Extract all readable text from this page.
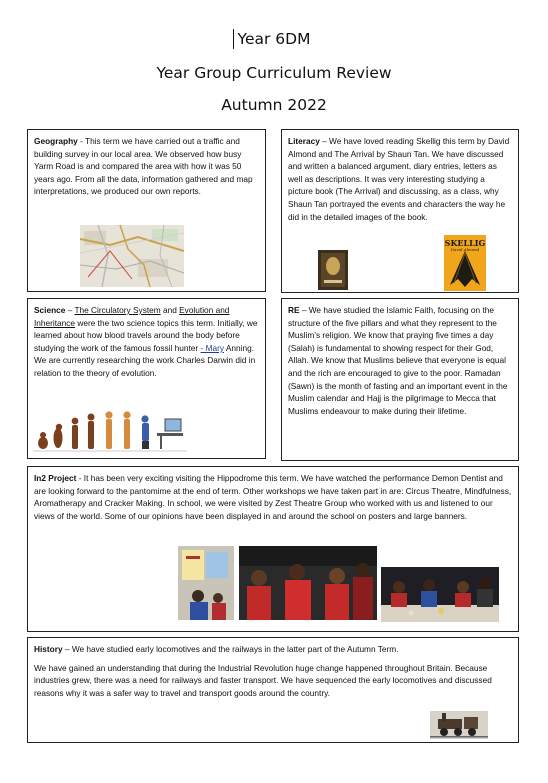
Year 6DM
Year Group Curriculum Review
Autumn 2022

Geography - This term we have carried out a traffic and building survey in our local area. We observed how busy Yarm Road is and compared the area with how it was 50 years ago. From all the data, information gathered and map interpretations, we produced our own reports.

Literacy – We have loved reading Skellig this term by David Almond and The Arrival by Shaun Tan. We have discussed and written a balanced argument, diary entries, letters as well as descriptions. It was very interesting studying a picture book (The Arrival) and discussing, as a class, why Shaun Tan portrayed the events and characters the way he did in the detailed images of the book.

SKELLIG
David Almond

Science – The Circulatory System and Evolution and Inheritance were the two science topics this term. Initially, we learned about how blood travels around the body before studying the work of the famous fossil hunter - Mary Anning. We are currently researching the work Charles Darwin did in relation to the theory of evolution.

RE – We have studied the Islamic Faith, focusing on the structure of the five pillars and what they represent to the Muslim’s religion. We know that praying five times a day (Salah) is fundamental to showing respect for their God, Allah. We know that Muslims believe that everyone is equal and the rich are encouraged to give to the poor. Ramadan (Sawn) is the month of fasting and an important event in the Muslim calendar and Hajj is the pilgrimage to Mecca that Muslims endeavour to make during their lifetime.

In2 Project - It has been very exciting visiting the Hippodrome this term. We have watched the performance Demon Dentist and are looking forward to the pantomime at the end of term. Other workshops we have taken part in are: Circus Theatre, Mindfulness, Aromatherapy and Cracker Making. In school, we were visited by Zest Theatre Group who worked with us and listened to our views of the world. Some of our opinions have been displayed in and around the school on posters and large banners.

History – We have studied early locomotives and the railways in the latter part of the Autumn Term.

We have gained an understanding that during the Industrial Revolution huge change happened throughout Britain. Because industries grew, there was a need for railways and faster transport. We have sequenced the early locomotives and discussed reasons why it was a safer way to travel and transport goods around the country.
